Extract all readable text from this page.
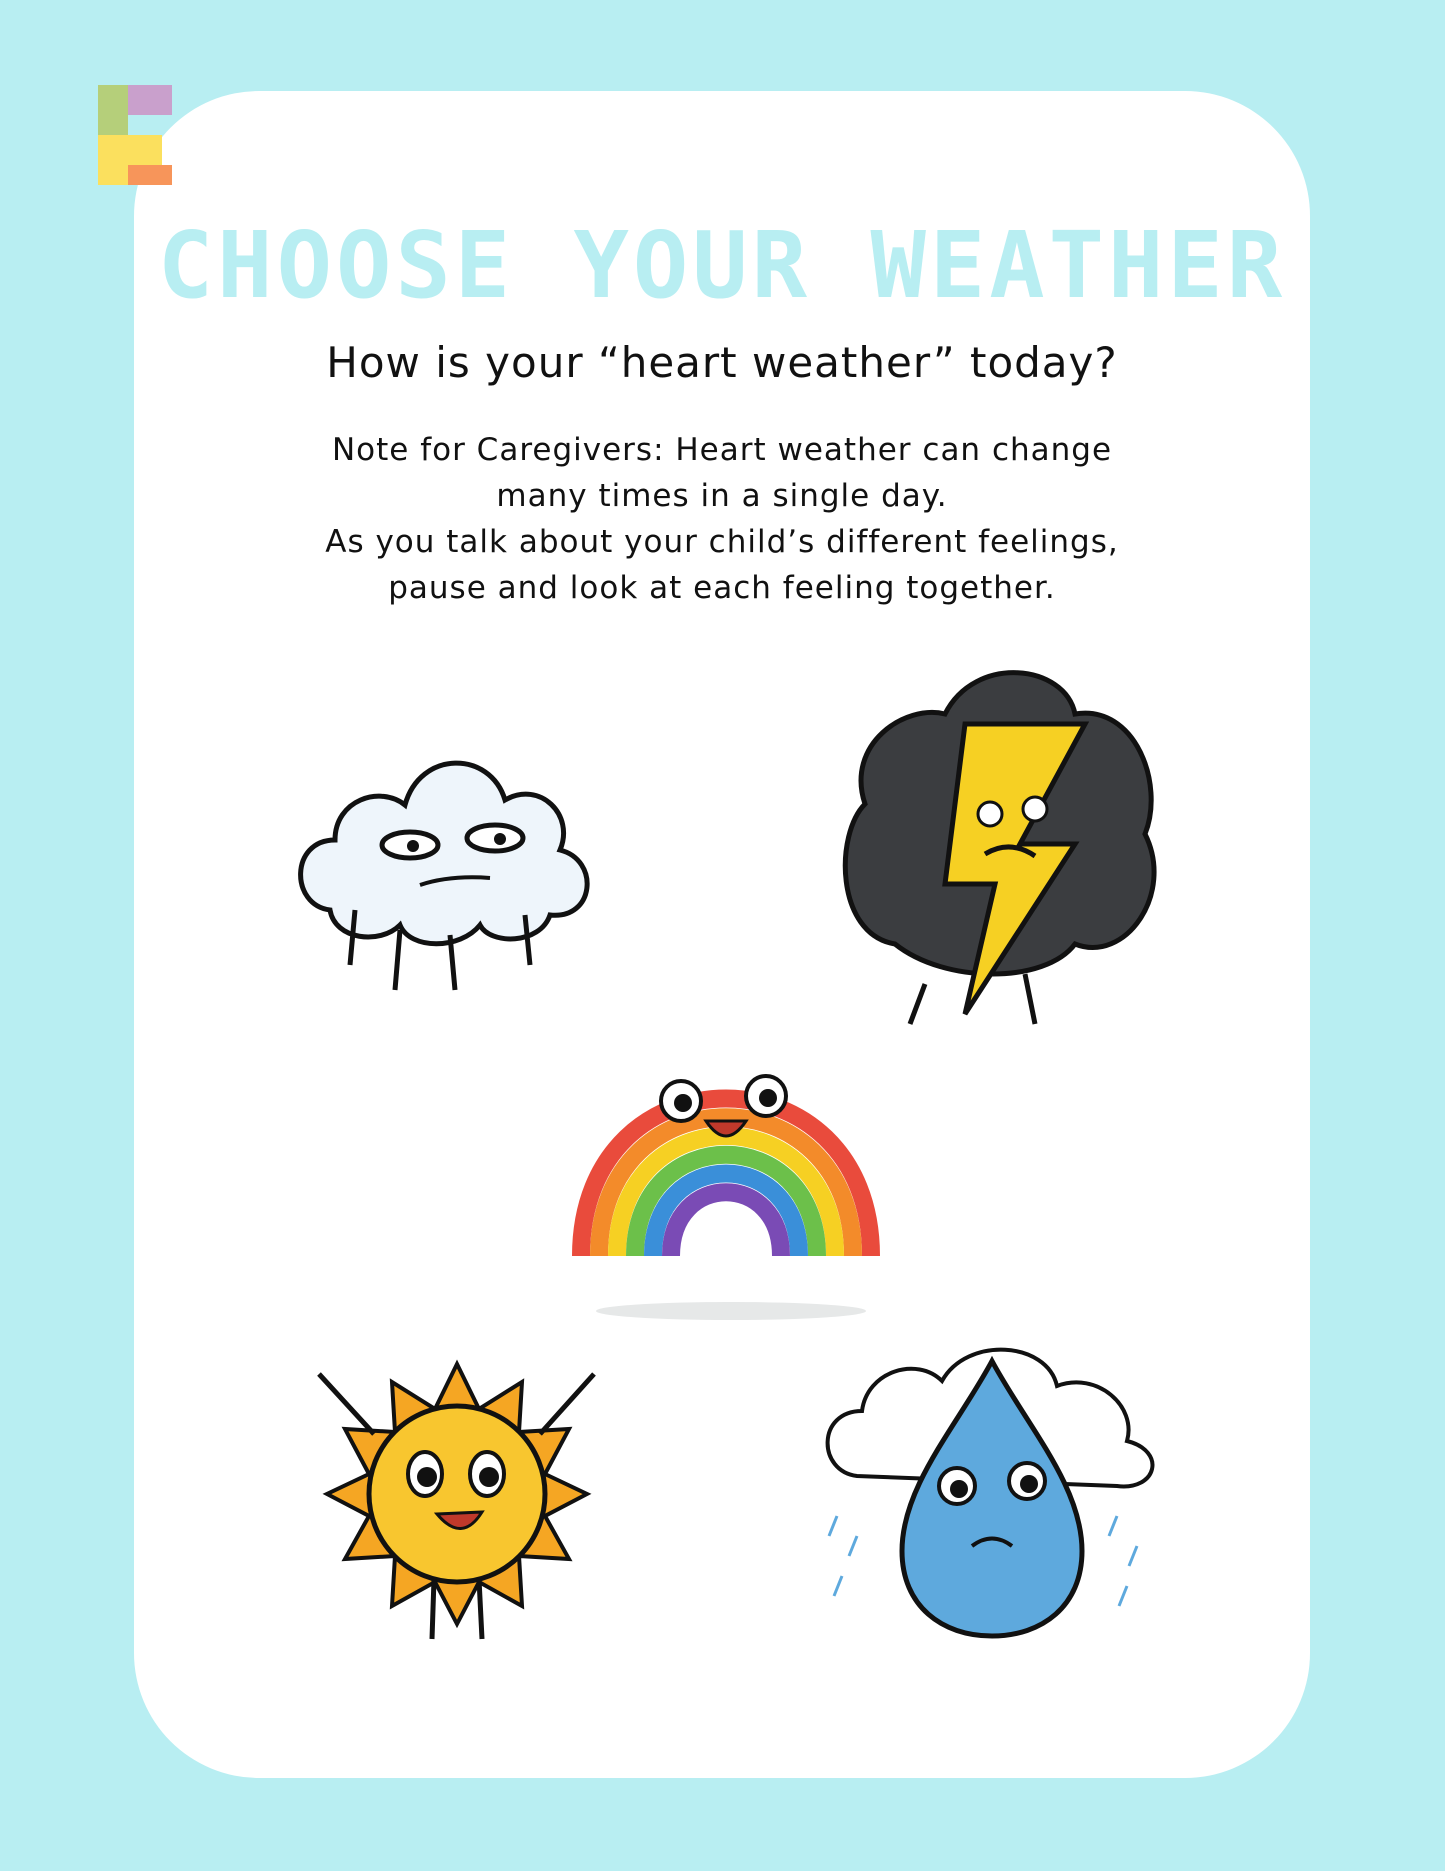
CHOOSE YOUR WEATHER
How is your “heart weather” today?
Note for Caregivers: Heart weather can change
many times in a single day.
As you talk about your child’s different feelings,
pause and look at each feeling together.
